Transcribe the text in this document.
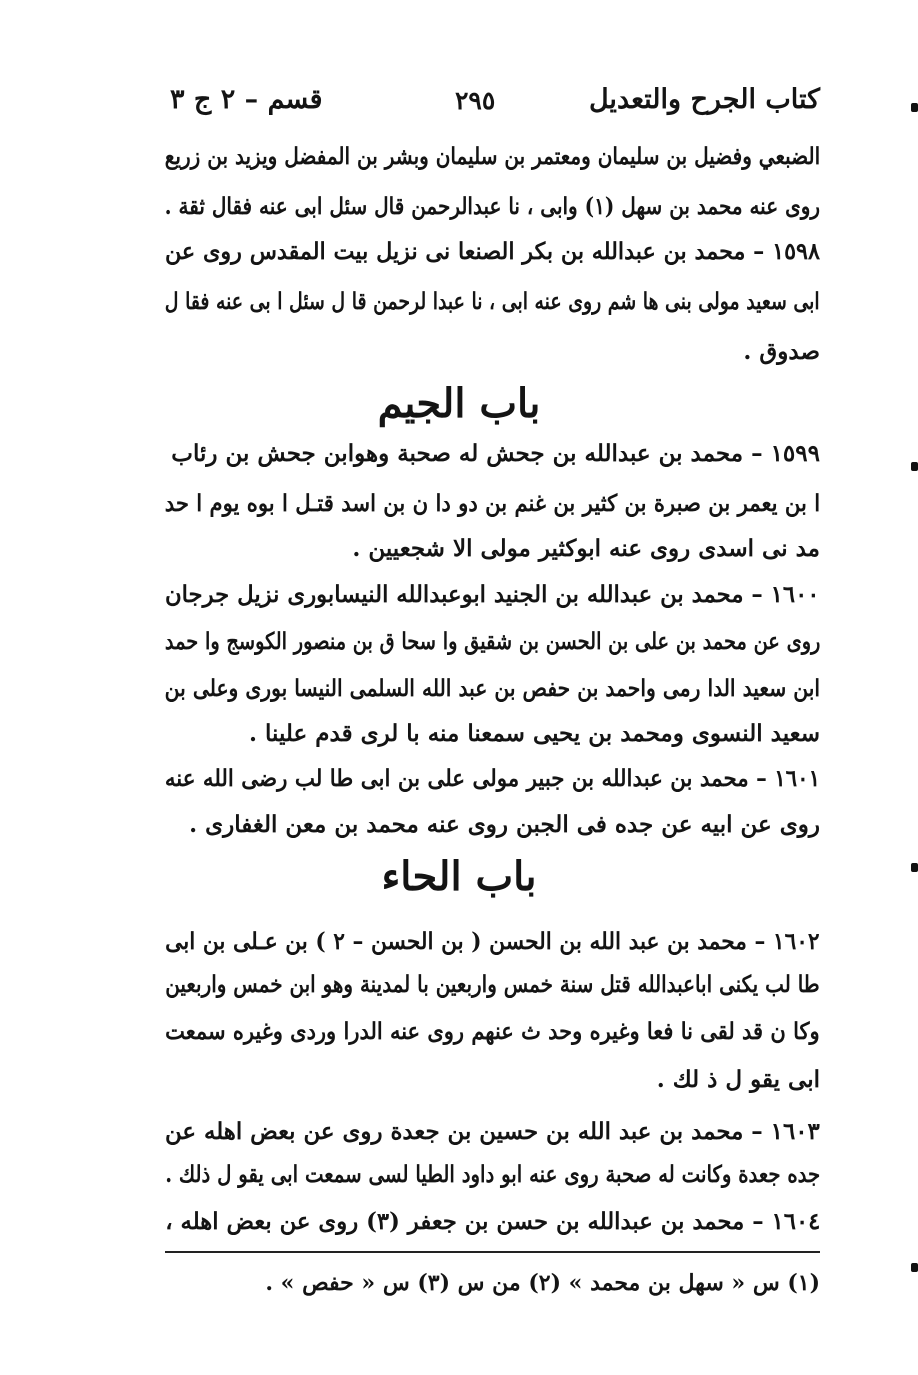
كتاب الجرح والتعديل
٢٩٥
قسم – ٢ ج ٣
الضبعي وفضيل بن سليمان ومعتمر بن سليمان وبشر بن المفضل ويزيد بن زريع
روى عنه محمد بن سهل (١) وابى ، نا عبدالرحمن قال سئل ابى عنه فقال ثقة .
١٥٩٨ – محمد بن عبدالله بن بكر الصنعا نى نزيل بيت المقدس روى عن
ابى سعيد مولى بنى ها شم روى عنه ابى ، نا عبدا لرحمن قا ل سئل ا بى عنه فقا ل
صدوق .
باب الجيم
١٥٩٩ – محمد بن عبدالله بن جحش له صحبة وهوابن جحش بن رئاب
ا بن يعمر بن صبرة بن كثير بن غنم بن دو دا ن بن اسد قتـل ا بوه يوم ا حد
مد نى اسدى روى عنه ابوكثير مولى الا شجعيين .
١٦٠٠ – محمد بن عبدالله بن الجنيد ابوعبدالله النيسابورى نزيل جرجان
روى عن محمد بن على بن الحسن بن شقيق وا سحا ق بن منصور الكوسج وا حمد
ابن سعيد الدا رمى واحمد بن حفص بن عبد الله السلمى النيسا بورى وعلى بن
سعيد النسوى ومحمد بن يحيى سمعنا منه با لرى قدم علينا .
١٦٠١ – محمد بن عبدالله بن جبير مولى على بن ابى طا لب رضى الله عنه
روى عن ابيه عن جده فى الجبن روى عنه محمد بن معن الغفارى .
باب الحاء
١٦٠٢ – محمد بن عبد الله بن الحسن ( بن الحسن – ٢ ) بن عـلى بن ابى
طا لب يكنى اباعبدالله قتل سنة خمس واربعين با لمدينة وهو ابن خمس واربعين
وكا ن قد لقى نا فعا وغيره وحد ث عنهم روى عنه الدرا وردى وغيره سمعت
ابى يقو ل ذ لك .
١٦٠٣ – محمد بن عبد الله بن حسين بن جعدة روى عن بعض اهله عن
جده جعدة وكانت له صحبة روى عنه ابو داود الطيا لسى سمعت ابى يقو ل ذلك .
١٦٠٤ – محمد بن عبدالله بن حسن بن جعفر (٣) روى عن بعض اهله ،
(١) س « سهل بن محمد » (٢) من س (٣) س « حفص » .
